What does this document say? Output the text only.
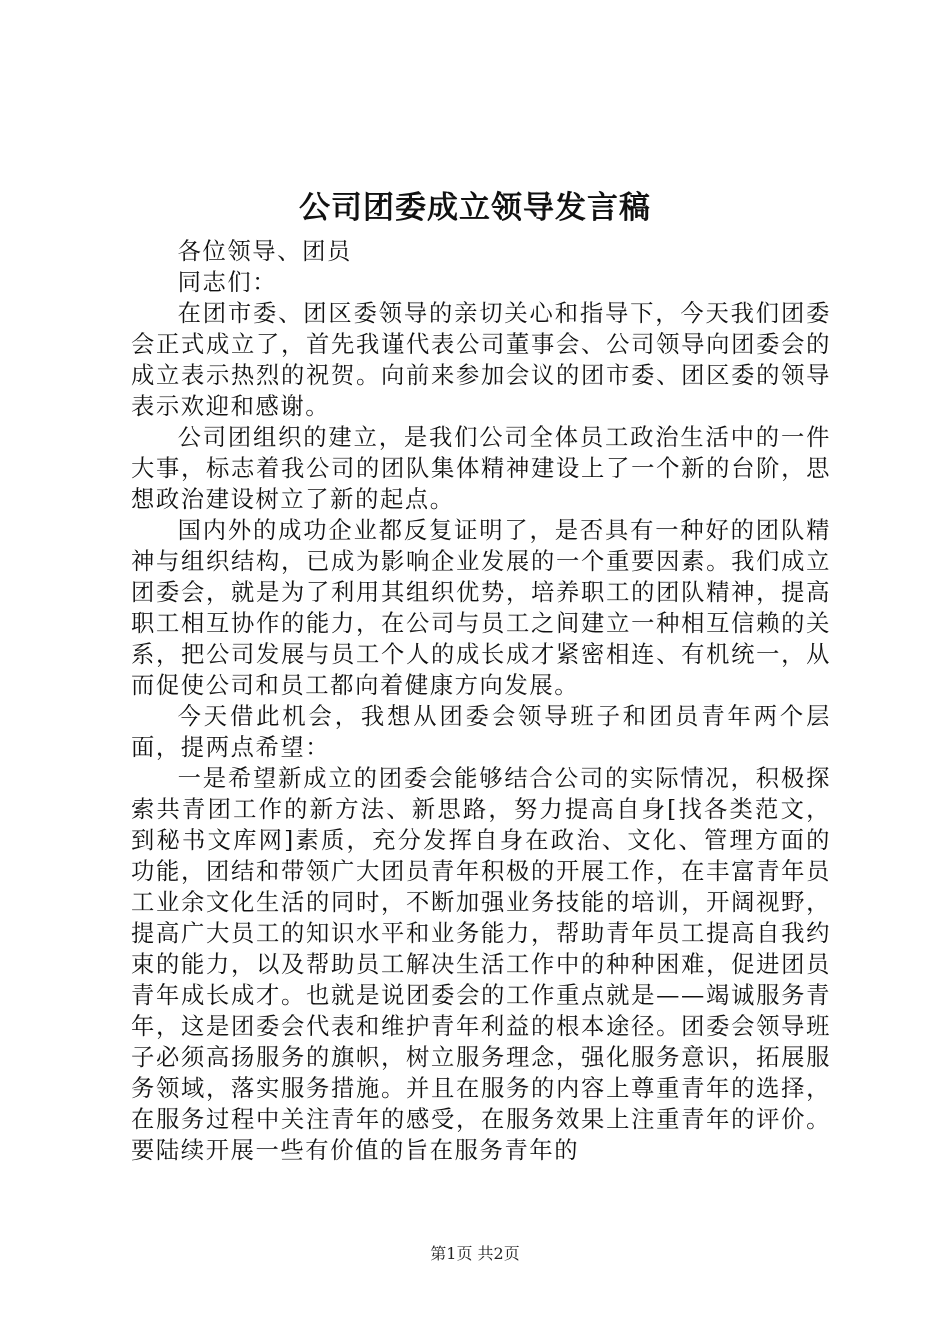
公司团委成立领导发言稿

各位领导、团员

同志们：

在团市委、团区委领导的亲切关心和指导下，今天我们团委会正式成立了，首先我谨代表公司董事会、公司领导向团委会的成立表示热烈的祝贺。向前来参加会议的团市委、团区委的领导表示欢迎和感谢。

公司团组织的建立，是我们公司全体员工政治生活中的一件大事，标志着我公司的团队集体精神建设上了一个新的台阶，思想政治建设树立了新的起点。

国内外的成功企业都反复证明了，是否具有一种好的团队精神与组织结构，已成为影响企业发展的一个重要因素。我们成立团委会，就是为了利用其组织优势，培养职工的团队精神，提高职工相互协作的能力，在公司与员工之间建立一种相互信赖的关系，把公司发展与员工个人的成长成才紧密相连、有机统一，从而促使公司和员工都向着健康方向发展。

今天借此机会，我想从团委会领导班子和团员青年两个层面，提两点希望：

一是希望新成立的团委会能够结合公司的实际情况，积极探索共青团工作的新方法、新思路，努力提高自身[找各类范文，到秘书文库网]素质，充分发挥自身在政治、文化、管理方面的功能，团结和带领广大团员青年积极的开展工作，在丰富青年员工业余文化生活的同时，不断加强业务技能的培训，开阔视野，提高广大员工的知识水平和业务能力，帮助青年员工提高自我约束的能力，以及帮助员工解决生活工作中的种种困难，促进团员青年成长成才。也就是说团委会的工作重点就是——竭诚服务青年，这是团委会代表和维护青年利益的根本途径。团委会领导班子必须高扬服务的旗帜，树立服务理念，强化服务意识，拓展服务领域，落实服务措施。并且在服务的内容上尊重青年的选择，在服务过程中关注青年的感受，在服务效果上注重青年的评价。要陆续开展一些有价值的旨在服务青年的

第1页 共2页
